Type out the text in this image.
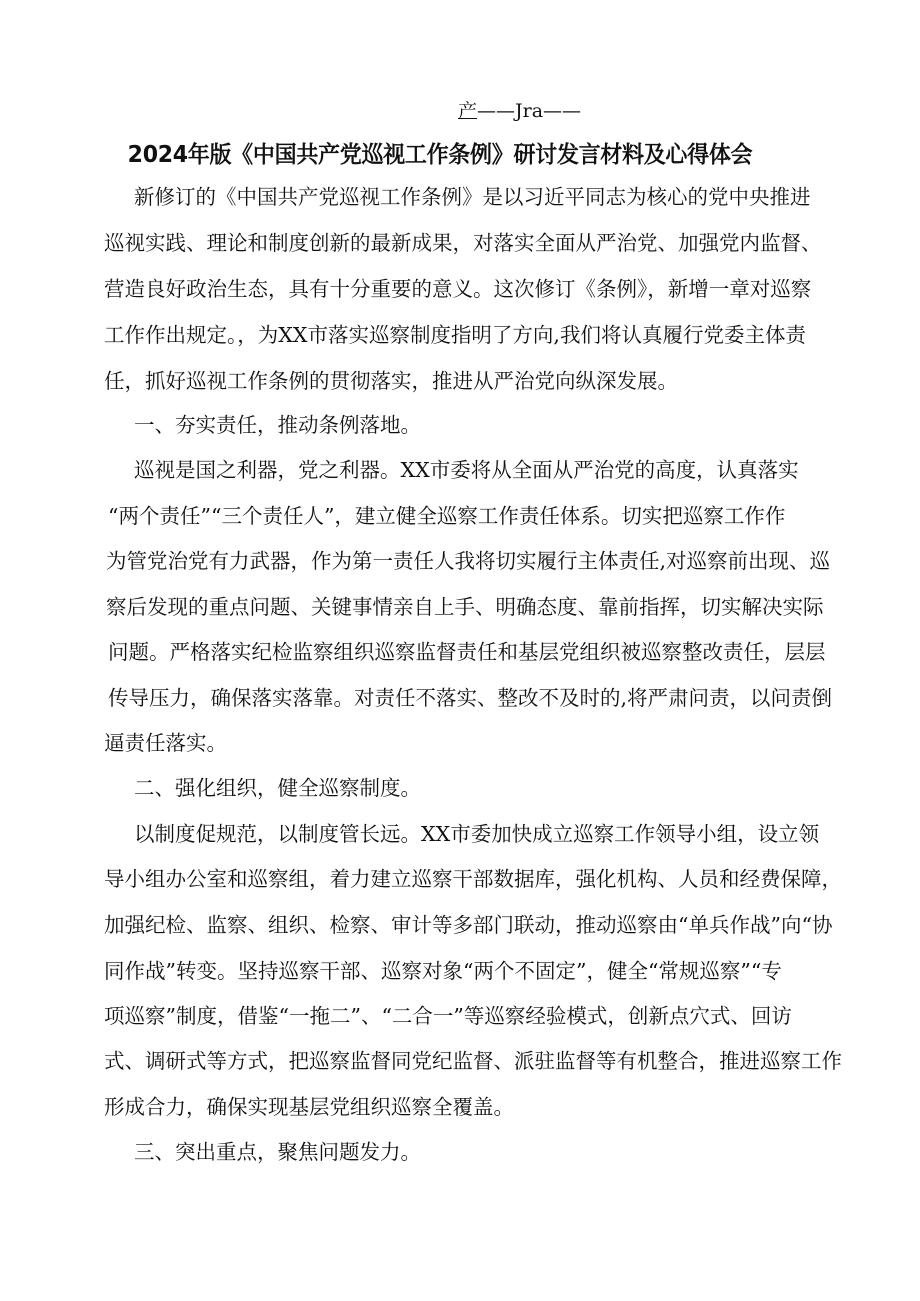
产——Jra——
2024年版《中国共产党巡视工作条例》研讨发言材料及心得体会
新修订的《中国共产党巡视工作条例》是以习近平同志为核心的党中央推进
巡视实践、理论和制度创新的最新成果，对落实全面从严治党、加强党内监督、
营造良好政治生态，具有十分重要的意义。这次修订《条例》，新增一章对巡察
工作作出规定。，为XX市落实巡察制度指明了方向,我们将认真履行党委主体责
任，抓好巡视工作条例的贯彻落实，推进从严治党向纵深发展。
一、夯实责任，推动条例落地。
巡视是国之利器，党之利器。XX市委将从全面从严治党的高度，认真落实
“两个责任”“三个责任人”，建立健全巡察工作责任体系。切实把巡察工作作
为管党治党有力武器，作为第一责任人我将切实履行主体责任,对巡察前出现、巡
察后发现的重点问题、关键事情亲自上手、明确态度、靠前指挥，切实解决实际
问题。严格落实纪检监察组织巡察监督责任和基层党组织被巡察整改责任，层层
传导压力，确保落实落靠。对责任不落实、整改不及时的,将严肃问责，以问责倒
逼责任落实。
二、强化组织，健全巡察制度。
以制度促规范，以制度管长远。XX市委加快成立巡察工作领导小组，设立领
导小组办公室和巡察组，着力建立巡察干部数据库，强化机构、人员和经费保障，
加强纪检、监察、组织、检察、审计等多部门联动，推动巡察由“单兵作战”向“协
同作战”转变。坚持巡察干部、巡察对象“两个不固定”，健全“常规巡察”“专
项巡察”制度，借鉴“一拖二”、“二合一”等巡察经验模式，创新点穴式、回访
式、调研式等方式，把巡察监督同党纪监督、派驻监督等有机整合，推进巡察工作
形成合力，确保实现基层党组织巡察全覆盖。
三、突出重点，聚焦问题发力。
